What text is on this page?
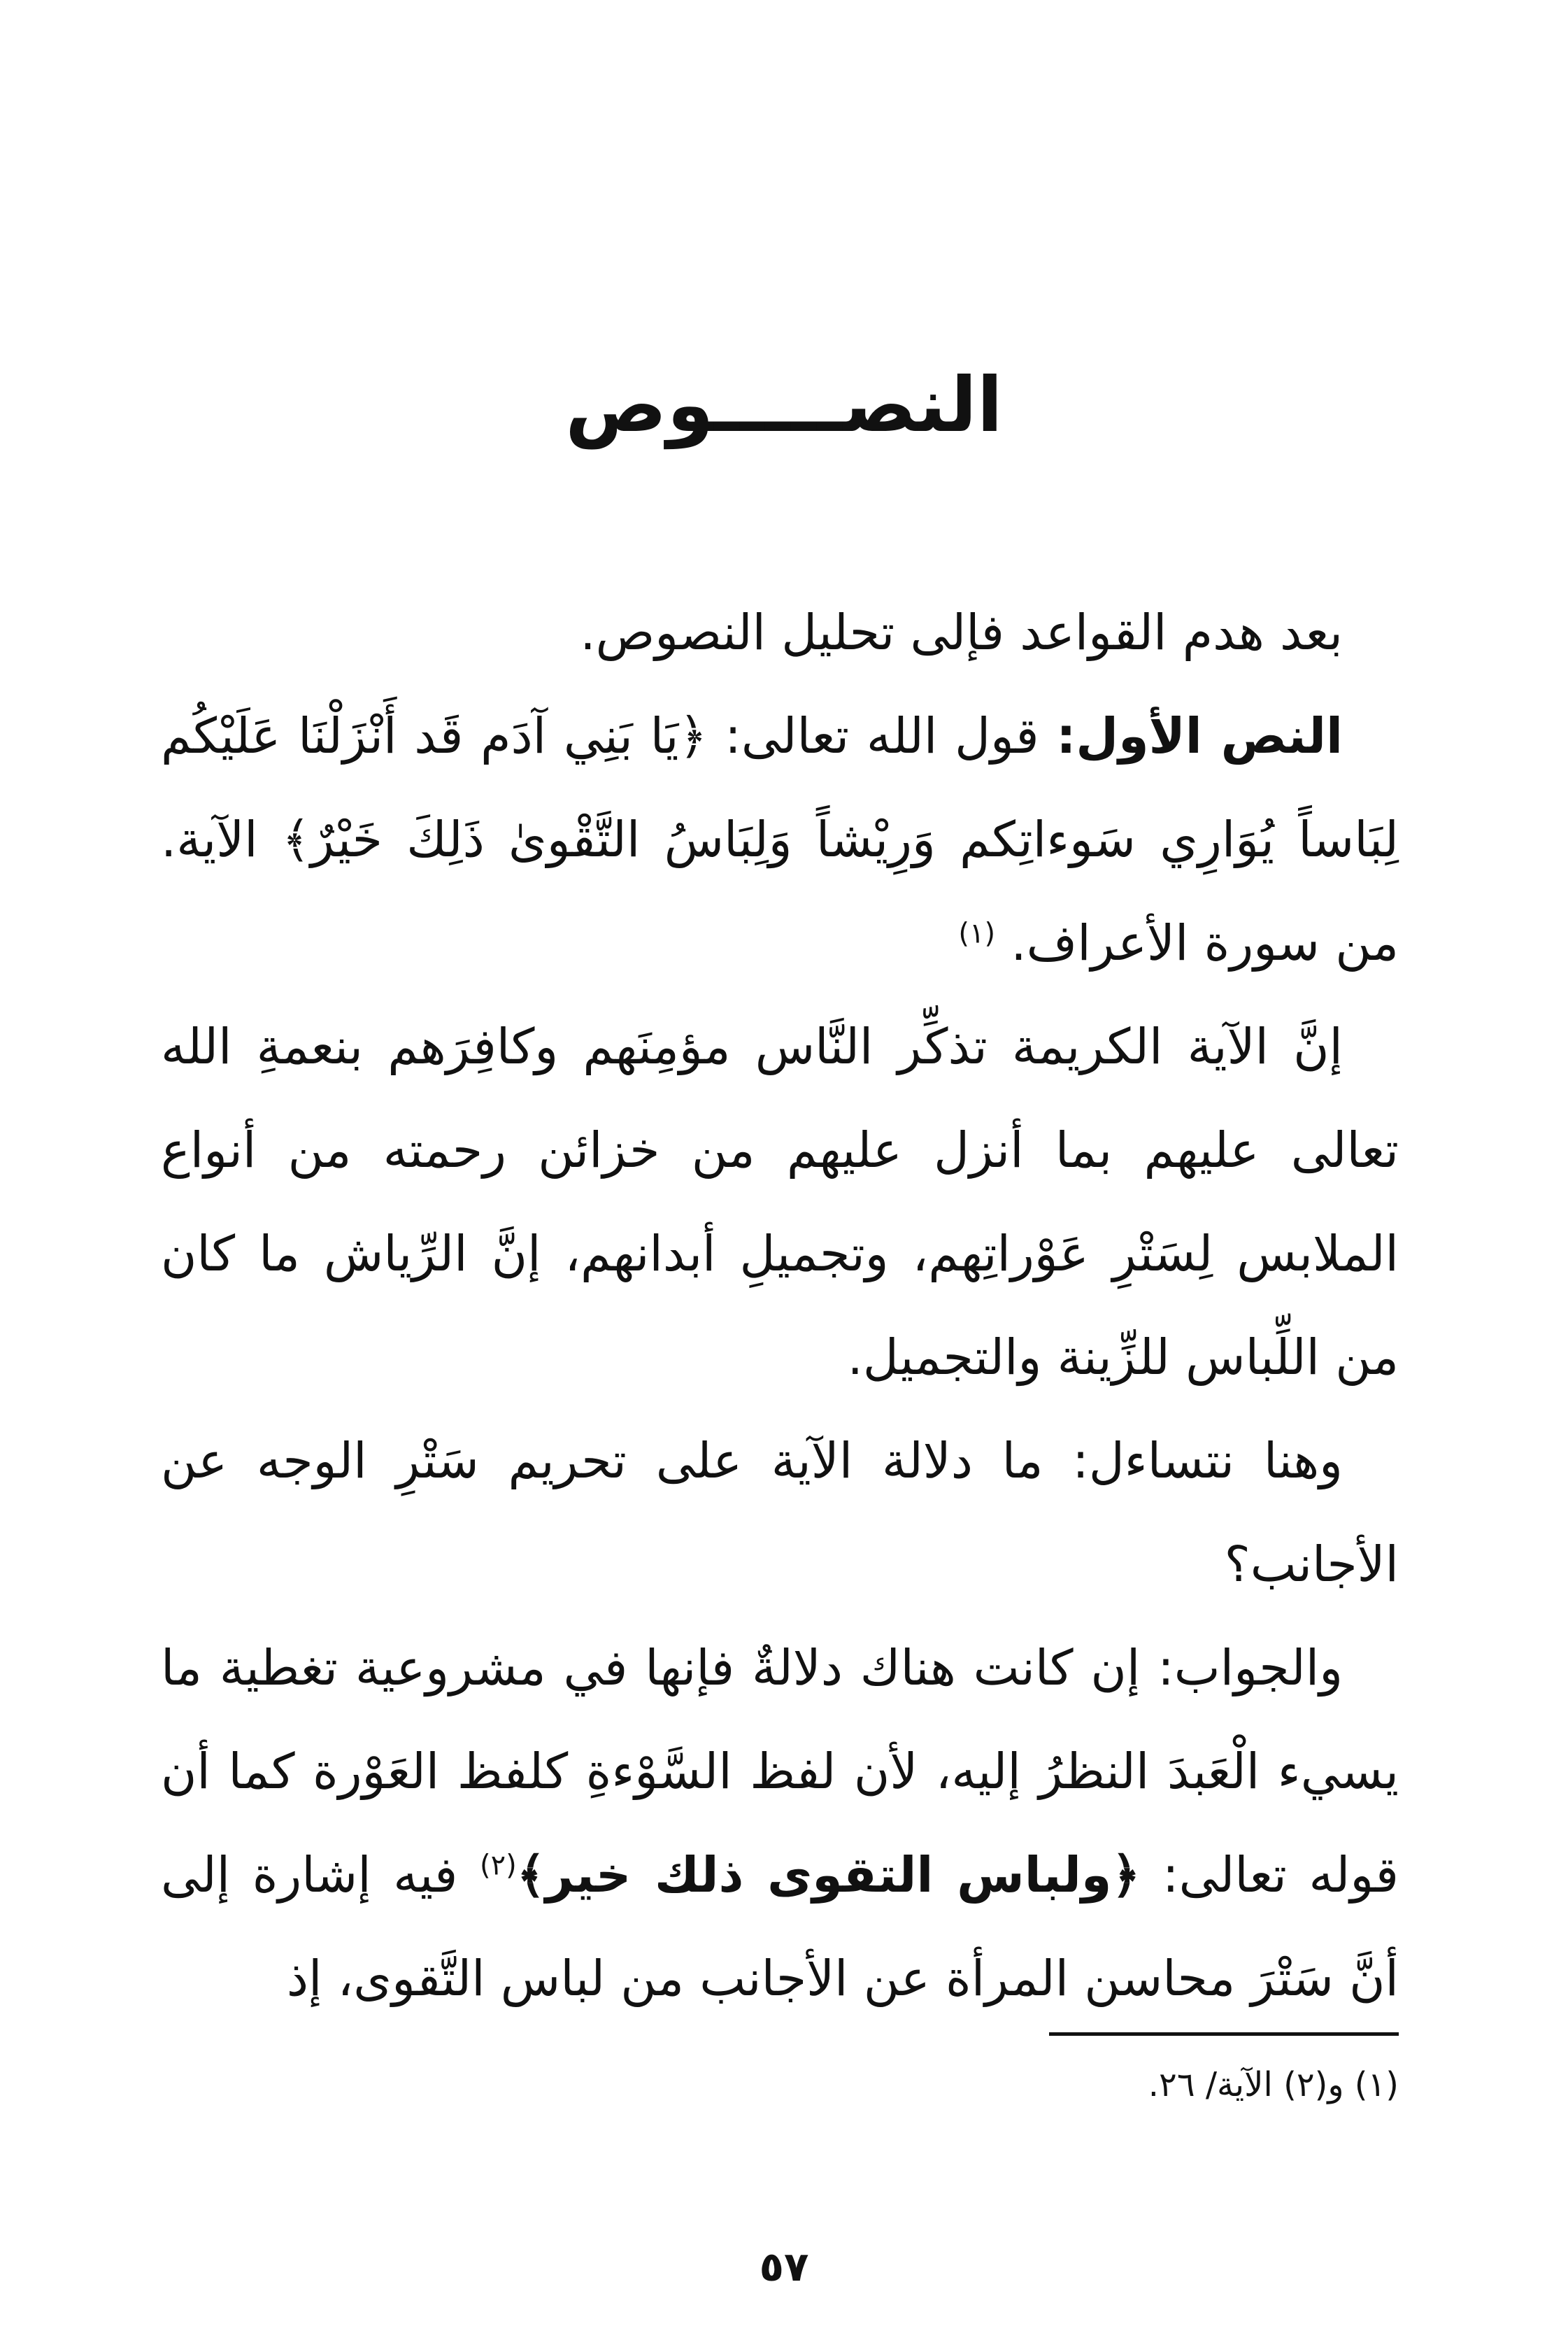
النصـــــوص

بعد هدم القواعد فإلى تحليل النصوص.

النص الأول: قول الله تعالى: ﴿يَا بَنِي آدَم قَد أَنْزَلْنَا عَلَيْكُم لِبَاساً يُوَارِي سَوءاتِكم وَرِيْشاً وَلِبَاسُ التَّقْوىٰ ذَلِكَ خَيْرٌ﴾ الآية. من سورة الأعراف. $^{(١)}$

إنَّ الآية الكريمة تذكِّر النَّاس مؤمِنَهم وكافِرَهم بنعمةِ الله تعالى عليهم بما أنزل عليهم من خزائن رحمته من أنواع الملابس لِسَتْرِ عَوْراتِهم، وتجميلِ أبدانهم، إنَّ الرِّياش ما كان من اللِّباس للزِّينة والتجميل.

وهنا نتساءل: ما دلالة الآية على تحريم سَتْرِ الوجه عن الأجانب؟

والجواب: إن كانت هناك دلالةٌ فإنها في مشروعية تغطية ما يسيء الْعَبدَ النظرُ إليه، لأن لفظ السَّوْءةِ كلفظ العَوْرة كما أن قوله تعالى: ﴿ولباس التقوى ذلك خير﴾$^{(٢)}$ فيه إشارة إلى أنَّ سَتْرَ محاسن المرأة عن الأجانب من لباس التَّقوى، إذ

(١) و(٢) الآية/ ٢٦.
٥٧
